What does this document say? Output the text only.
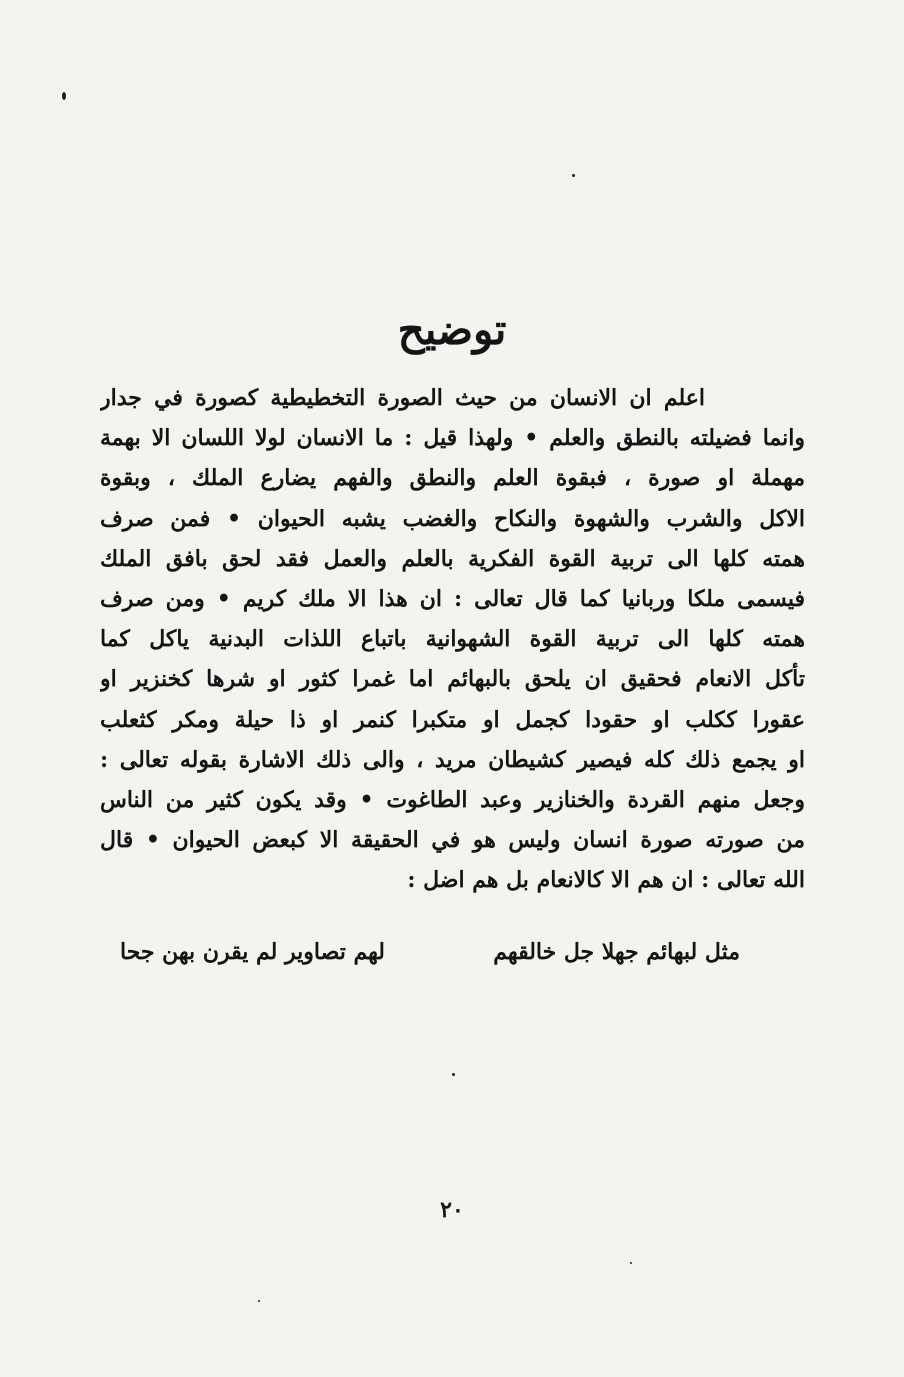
توضيح
اعلم ان الانسان من حيث الصورة التخطيطية كصورة في جدار
وانما فضيلته بالنطق والعلم • ولهذا قيل : ما الانسان لولا اللسان الا بهمة
مهملة او صورة ، فبقوة العلم والنطق والفهم يضارع الملك ، وبقوة
الاكل والشرب والشهوة والنكاح والغضب يشبه الحيوان • فمن صرف
همته كلها الى تربية القوة الفكرية بالعلم والعمل فقد لحق بافق الملك
فيسمى ملكا وربانيا كما قال تعالى : ان هذا الا ملك كريم • ومن صرف
همته كلها الى تربية القوة الشهوانية باتباع اللذات البدنية ياكل كما
تأكل الانعام فحقيق ان يلحق بالبهائم اما غمرا كثور او شرها كخنزير او
عقورا ككلب او حقودا كجمل او متكبرا كنمر او ذا حيلة ومكر كثعلب
او يجمع ذلك كله فيصير كشيطان مريد ، والى ذلك الاشارة بقوله تعالى :
وجعل منهم القردة والخنازير وعبد الطاغوت • وقد يكون كثير من الناس
من صورته صورة انسان وليس هو في الحقيقة الا كبعض الحيوان • قال
الله تعالى : ان هم الا كالانعام بل هم اضل :
مثل لبهائم جهلا جل خالقهم
لهم تصاوير لم يقرن بهن جحا
٢٠
